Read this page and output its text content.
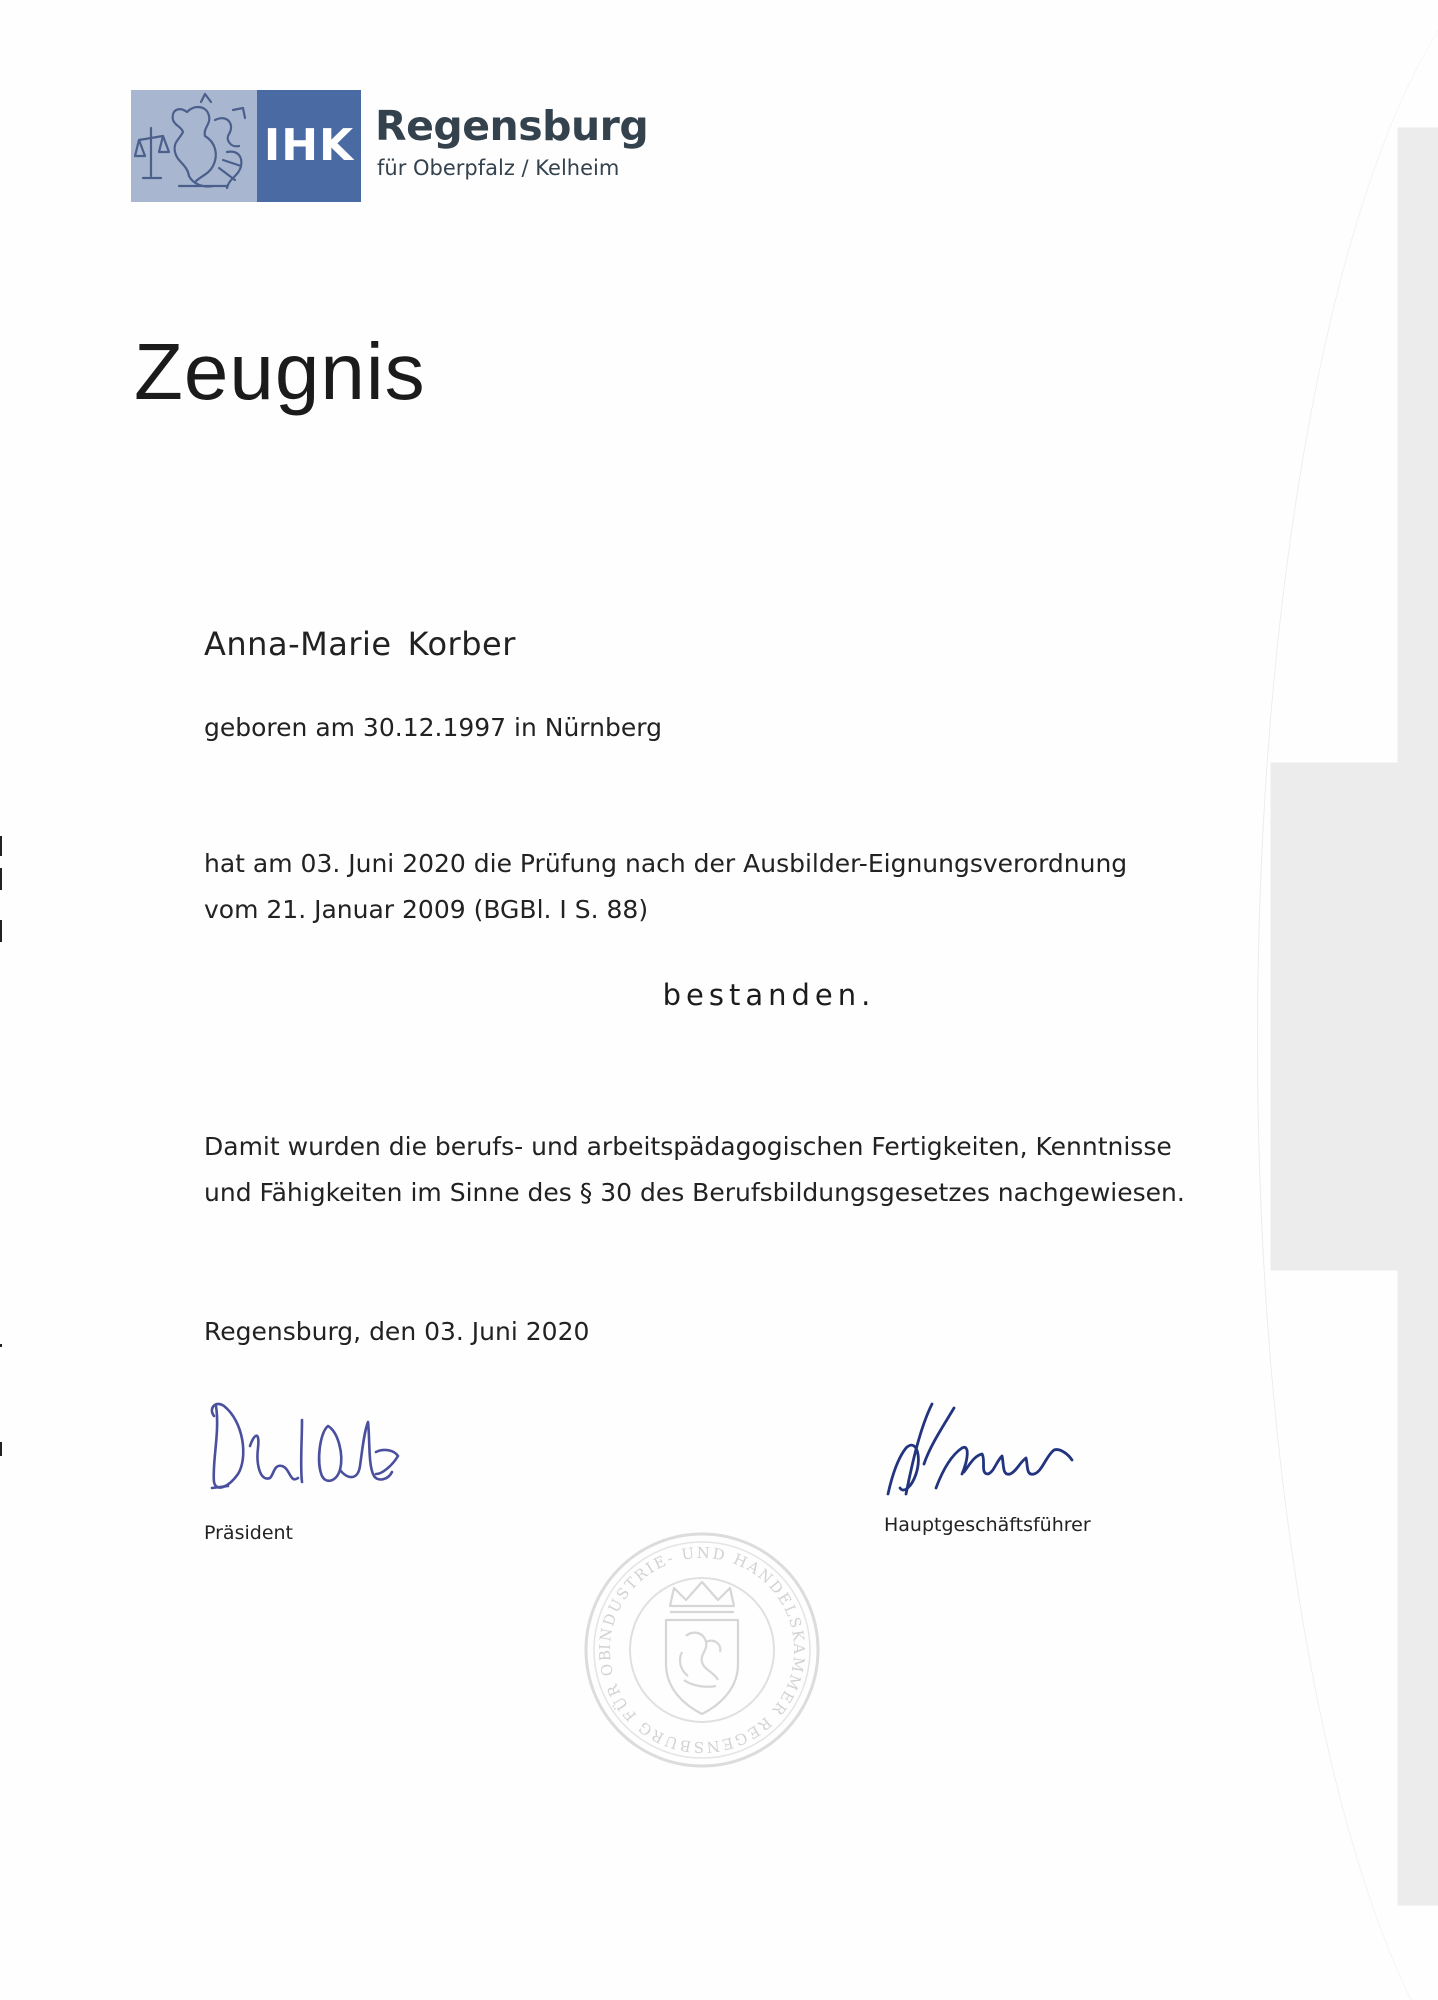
IHK Regensburg
für Oberpfalz / Kelheim
Zeugnis
Anna-Marie Korber
geboren am 30.12.1997 in Nürnberg
hat am 03. Juni 2020 die Prüfung nach der Ausbilder-Eignungsverordnung
vom 21. Januar 2009 (BGBl. I S. 88)
bestanden.
Damit wurden die berufs- und arbeitspädagogischen Fertigkeiten, Kenntnisse
und Fähigkeiten im Sinne des § 30 des Berufsbildungsgesetzes nachgewiesen.
Regensburg, den 03. Juni 2020
Präsident	Hauptgeschäftsführer
INDUSTRIE- UND HANDELSKAMMER REGENSBURG FÜR OB
